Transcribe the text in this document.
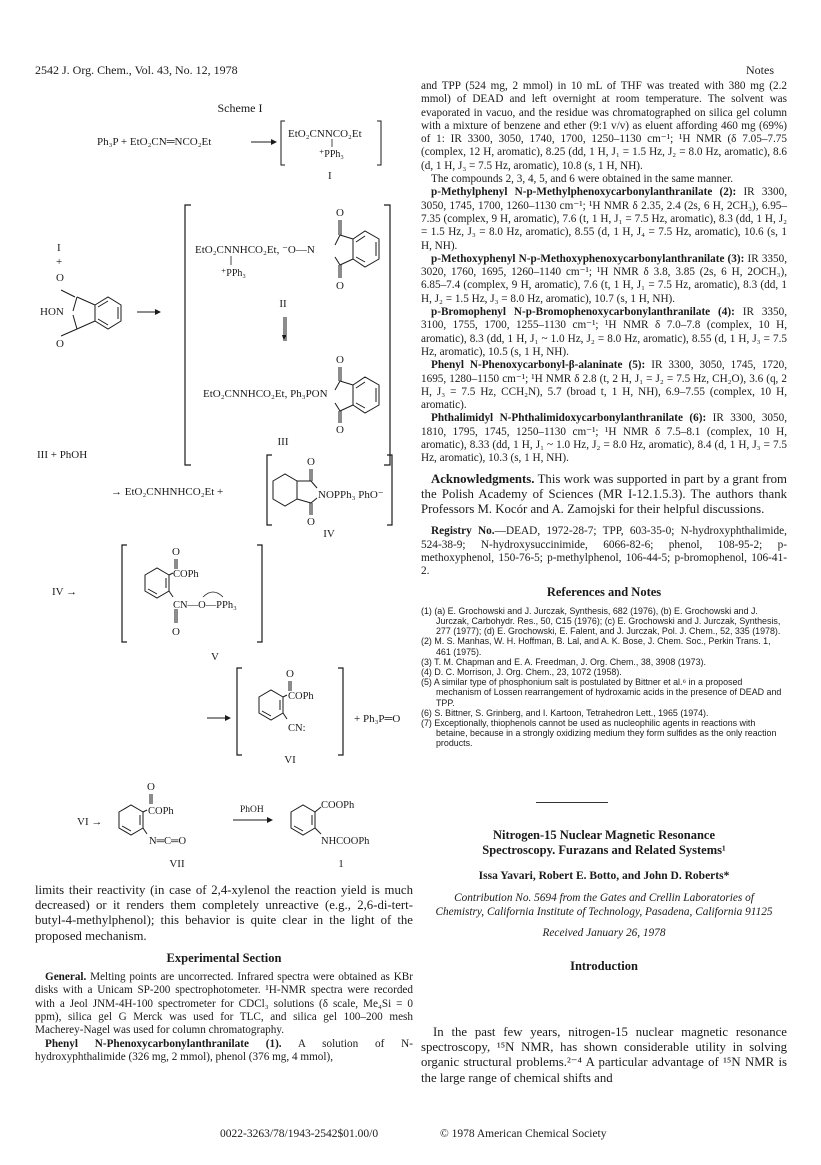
2542 J. Org. Chem., Vol. 43, No. 12, 1978	Notes
Scheme I
Ph₃P + EtO₂CN═NCO₂Et
EtO₂CNNCO₂Et
⁺PPh₃
I
I
+
O
HON
O
O
EtO₂CNNHCO₂Et, ⁻O—N
O
⁺PPh₃
II
O
EtO₂CNNHCO₂Et, Ph₃PON
O
III
III + PhOH
O
→ EtO₂CNHNHCO₂Et +	NOPPh₃ PhO⁻
O
IV
IV →
O
COPh
CN—O—PPh₃
O
V
O
COPh
CN:
+ Ph₃P═O
VI
O
VI →
COPh
N═C═O
VII
PhOH	COOPh
NHCOOPh
1

limits their reactivity (in case of 2,4-xylenol the reaction yield is much decreased) or it renders them completely unreactive (e.g., 2,6-di-tert-butyl-4-methylphenol); this behavior is quite clear in the light of the proposed mechanism.

Experimental Section

General. Melting points are uncorrected. Infrared spectra were obtained as KBr disks with a Unicam SP-200 spectrophotometer. ¹H-NMR spectra were recorded with a Jeol JNM-4H-100 spectrometer for CDCl₃ solutions (δ scale, Me₄Si = 0 ppm), silica gel G Merck was used for TLC, and silica gel 100–200 mesh Macherey-Nagel was used for column chromatography.

Phenyl N-Phenoxycarbonylanthranilate (1). A solution of N-hydroxyphthalimide (326 mg, 2 mmol), phenol (376 mg, 4 mmol),

and TPP (524 mg, 2 mmol) in 10 mL of THF was treated with 380 mg (2.2 mmol) of DEAD and left overnight at room temperature. The solvent was evaporated in vacuo, and the residue was chromatographed on silica gel column with a mixture of benzene and ether (9:1 v/v) as eluent affording 460 mg (69%) of 1: IR 3300, 3050, 1740, 1700, 1250–1130 cm⁻¹; ¹H NMR (δ 7.05–7.75 (complex, 12 H, aromatic), 8.25 (dd, 1 H, J₁ = 1.5 Hz, J₂ = 8.0 Hz, aromatic), 8.6 (d, 1 H, J₃ = 7.5 Hz, aromatic), 10.8 (s, 1 H, NH).

The compounds 2, 3, 4, 5, and 6 were obtained in the same manner.

p-Methylphenyl N-p-Methylphenoxycarbonylanthranilate (2): IR 3300, 3050, 1745, 1700, 1260–1130 cm⁻¹; ¹H NMR δ 2.35, 2.4 (2s, 6 H, 2CH₃), 6.95–7.35 (complex, 9 H, aromatic), 7.6 (t, 1 H, J₁ = 7.5 Hz, aromatic), 8.3 (dd, 1 H, J₂ = 1.5 Hz, J₃ = 8.0 Hz, aromatic), 8.55 (d, 1 H, J₄ = 7.5 Hz, aromatic), 10.6 (s, 1 H, NH).

p-Methoxyphenyl N-p-Methoxyphenoxycarbonylanthranilate (3): IR 3350, 3020, 1760, 1695, 1260–1140 cm⁻¹; ¹H NMR δ 3.8, 3.85 (2s, 6 H, 2OCH₃), 6.85–7.4 (complex, 9 H, aromatic), 7.6 (t, 1 H, J₁ = 7.5 Hz, aromatic), 8.3 (dd, 1 H, J₂ = 1.5 Hz, J₃ = 8.0 Hz, aromatic), 10.7 (s, 1 H, NH).

p-Bromophenyl N-p-Bromophenoxycarbonylanthranilate (4): IR 3350, 3100, 1755, 1700, 1255–1130 cm⁻¹; ¹H NMR δ 7.0–7.8 (complex, 10 H, aromatic), 8.3 (dd, 1 H, J₁ ~ 1.0 Hz, J₂ = 8.0 Hz, aromatic), 8.55 (d, 1 H, J₃ = 7.5 Hz, aromatic), 10.5 (s, 1 H, NH).

Phenyl N-Phenoxycarbonyl-β-alaninate (5): IR 3300, 3050, 1745, 1720, 1695, 1280–1150 cm⁻¹; ¹H NMR δ 2.8 (t, 2 H, J₁ = J₂ = 7.5 Hz, CH₂O), 3.6 (q, 2 H, J₃ = 7.5 Hz, CCH₂N), 5.7 (broad t, 1 H, NH), 6.9–7.55 (complex, 10 H, aromatic).

Phthalimidyl N-Phthalimidoxycarbonylanthranilate (6): IR 3300, 3050, 1810, 1795, 1745, 1250–1130 cm⁻¹; ¹H NMR δ 7.5–8.1 (complex, 10 H, aromatic), 8.33 (dd, 1 H, J₁ ~ 1.0 Hz, J₂ = 8.0 Hz, aromatic), 8.4 (d, 1 H, J₃ = 7.5 Hz, aromatic), 10.3 (s, 1 H, NH).

Acknowledgments. This work was supported in part by a grant from the Polish Academy of Sciences (MR I-12.1.5.3). The authors thank Professors M. Kocór and A. Zamojski for their helpful discussions.

Registry No.—DEAD, 1972-28-7; TPP, 603-35-0; N-hydroxyphthalimide, 524-38-9; N-hydroxysuccinimide, 6066-82-6; phenol, 108-95-2; p-methoxyphenol, 150-76-5; p-methylphenol, 106-44-5; p-bromophenol, 106-41-2.

References and Notes

(1) (a) E. Grochowski and J. Jurczak, Synthesis, 682 (1976), (b) E. Grochowski and J. Jurczak, Carbohydr. Res., 50, C15 (1976); (c) E. Grochowski and J. Jurczak, Synthesis, 277 (1977); (d) E. Grochowski, E. Falent, and J. Jurczak, Pol. J. Chem., 52, 335 (1978).

(2) M. S. Manhas, W. H. Hoffman, B. Lal, and A. K. Bose, J. Chem. Soc., Perkin Trans. 1, 461 (1975).

(3) T. M. Chapman and E. A. Freedman, J. Org. Chem., 38, 3908 (1973).

(4) D. C. Morrison, J. Org. Chem., 23, 1072 (1958).

(5) A similar type of phosphonium salt is postulated by Bittner et al.⁶ in a proposed mechanism of Lossen rearrangement of hydroxamic acids in the presence of DEAD and TPP.

(6) S. Bittner, S. Grinberg, and I. Kartoon, Tetrahedron Lett., 1965 (1974).

(7) Exceptionally, thiophenols cannot be used as nucleophilic agents in reactions with betaine, because in a strongly oxidizing medium they form sulfides as the only reaction products.

Nitrogen-15 Nuclear Magnetic Resonance Spectroscopy. Furazans and Related Systems¹
Issa Yavari, Robert E. Botto, and John D. Roberts*
Contribution No. 5694 from the Gates and Crellin Laboratories of Chemistry, California Institute of Technology, Pasadena, California 91125
Received January 26, 1978
Introduction
In the past few years, nitrogen-15 nuclear magnetic resonance spectroscopy, ¹⁵N NMR, has shown considerable utility in solving organic structural problems.²⁻⁴ A particular advantage of ¹⁵N NMR is the large range of chemical shifts and
0022-3263/78/1943-2542$01.00/0	© 1978 American Chemical Society
